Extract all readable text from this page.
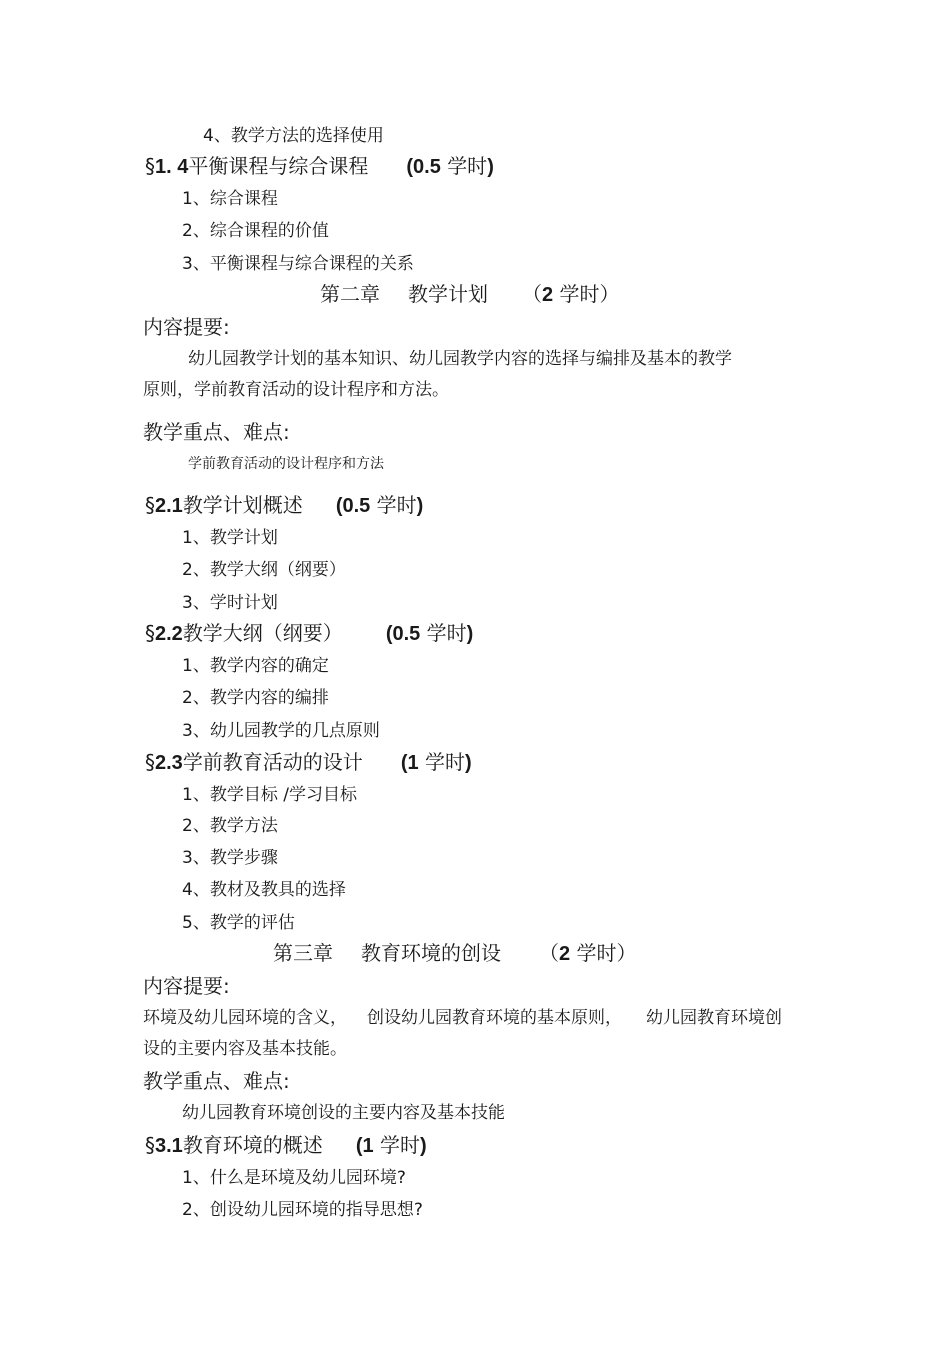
4、教学方法的选择使用
§1. 4平衡课程与综合课程 (0.5 学时)
1、综合课程
2、综合课程的价值
3、平衡课程与综合课程的关系
第二章 教学计划 （2 学时）
内容提要:
幼儿园教学计划的基本知识、幼儿园教学内容的选择与编排及基本的教学
原则，学前教育活动的设计程序和方法。
教学重点、难点:
学前教育活动的设计程序和方法
§2.1教学计划概述 (0.5 学时)
1、教学计划
2、教学大纲（纲要）
3、学时计划
§2.2教学大纲（纲要） (0.5 学时)
1、教学内容的确定
2、教学内容的编排
3、幼儿园教学的几点原则
§2.3学前教育活动的设计 (1 学时)
1、教学目标 /学习目标
2、教学方法
3、教学步骤
4、教材及教具的选择
5、教学的评估
第三章 教育环境的创设 （2 学时）
内容提要:
环境及幼儿园环境的含义， 创设幼儿园教育环境的基本原则， 幼儿园教育环境创
设的主要内容及基本技能。
教学重点、难点:
幼儿园教育环境创设的主要内容及基本技能
§3.1教育环境的概述 (1 学时)
1、什么是环境及幼儿园环境?
2、创设幼儿园环境的指导思想?
